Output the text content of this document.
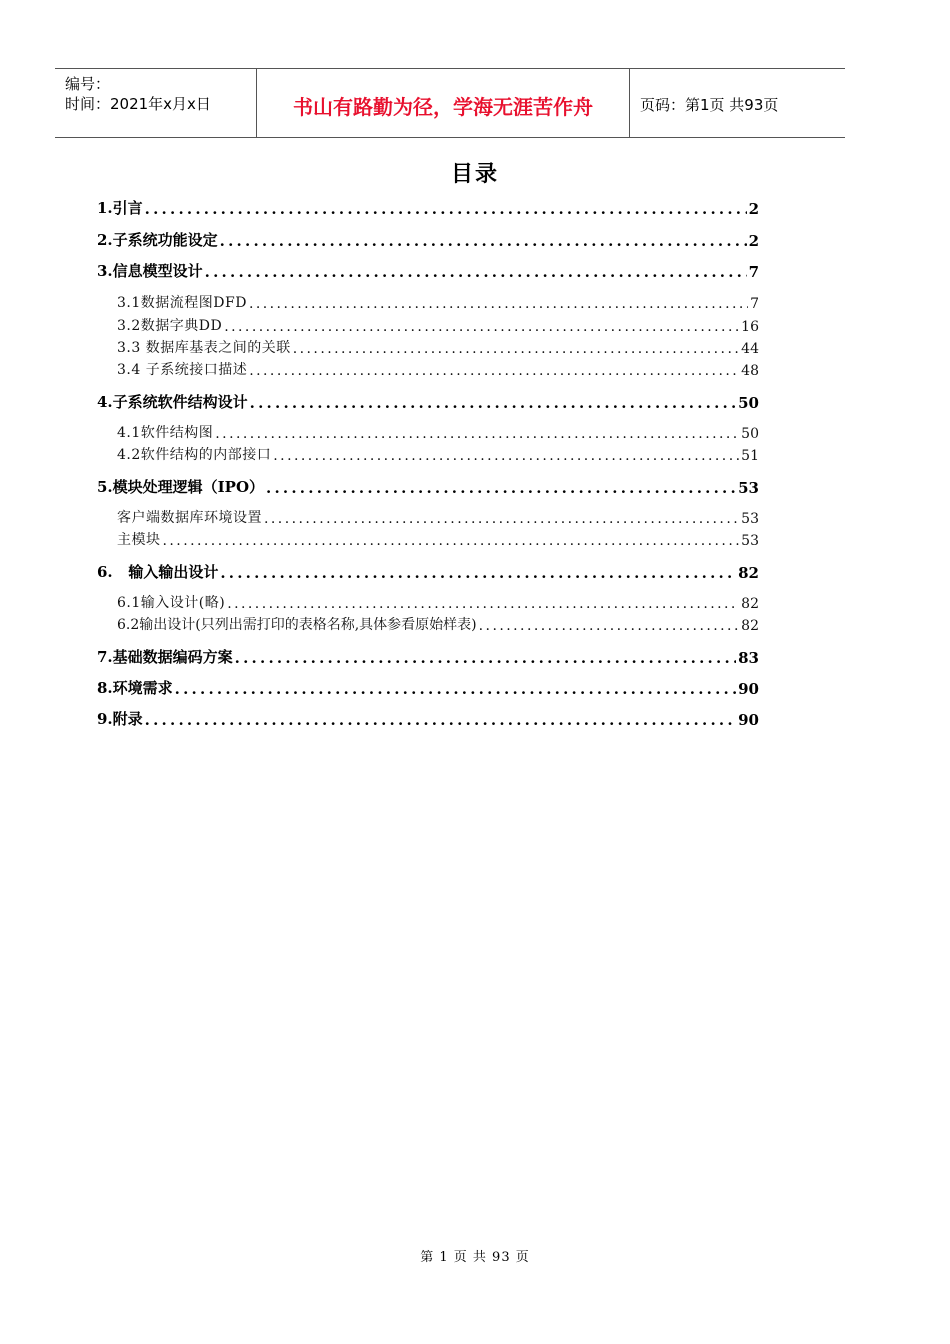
编号：
时间：2021年x月x日	书山有路勤为径，学海无涯苦作舟	页码：第1页 共93页
目录
1.引言 . . .	2
2.子系统功能设定 . . .	2
3.信息模型设计 . . .	7
3.1数据流程图DFD . . .	7
3.2数据字典DD . . .	16
3.3 数据库基表之间的关联 . . .	44
3.4 子系统接口描述 . . .	48
4.子系统软件结构设计 . . .	50
4.1软件结构图 . . .	50
4.2软件结构的内部接口 . . .	51
5.模块处理逻辑（IPO） . . .	53
客户端数据库环境设置 . . .	53
主模块 . . .	53
6.   输入输出设计 . . .	82
6.1输入设计(略) . . .	82
6.2输出设计(只列出需打印的表格名称,具体参看原始样表) . . .	82
7.基础数据编码方案 . . .	83
8.环境需求 . . .	90
9.附录 . . .	90
第 1 页 共 93 页
